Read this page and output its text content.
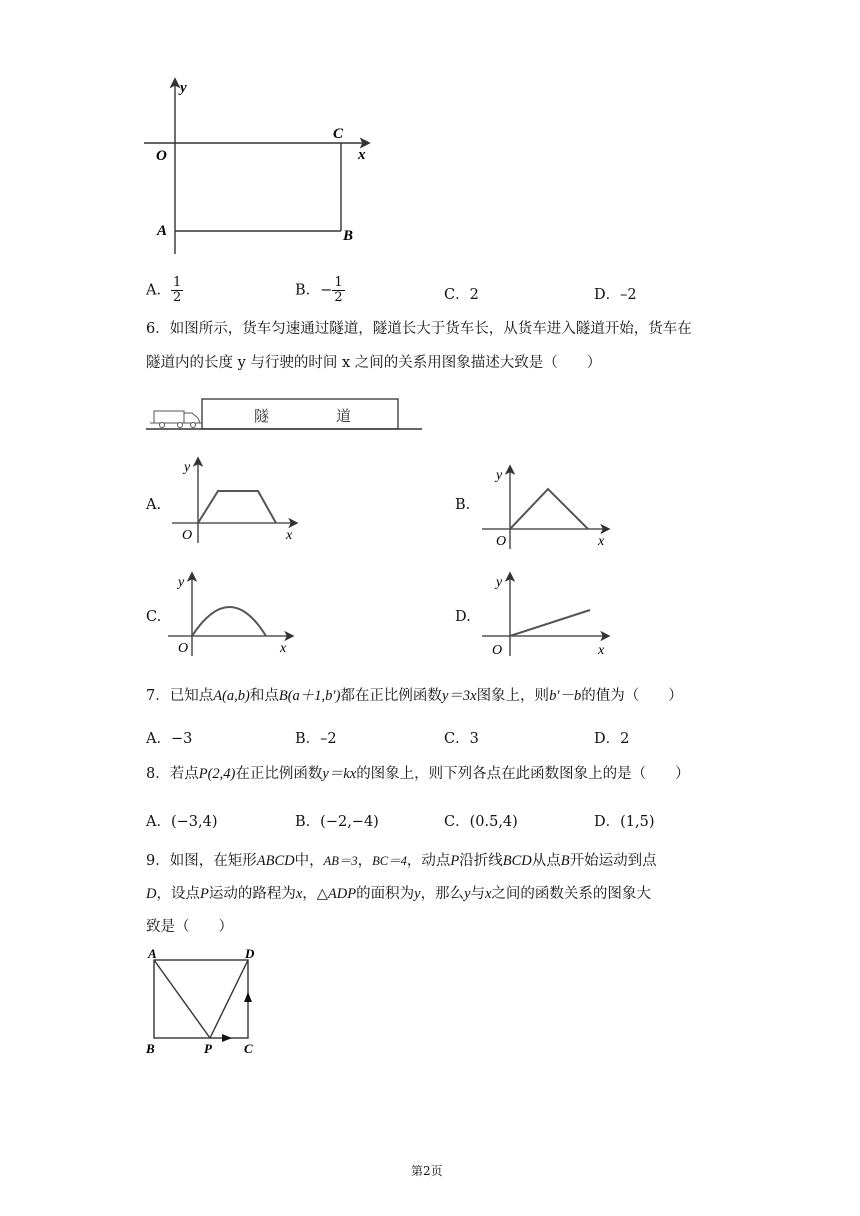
y
x
O
C
A	B
A． $\frac{1}{2}$	B．− $\frac{1}{2}$	C．2	D．–2
6．如图所示，货车匀速通过隧道，隧道长大于货车长，从货车进入隧道开始，货车在
隧道内的长度 y 与行驶的时间 x 之间的关系用图象描述大致是（　　）
隧	道
A.	B.
C.	D.
y
O	x
y
O	x
y
O	x
y
O	x
7．已知点A(a,b)和点B(a＋1,b′)都在正比例函数y＝3x图象上，则b′－b的值为（　　）
A．−3	B．–2	C．3	D．2
8．若点P(2,4)在正比例函数y＝kx的图象上，则下列各点在此函数图象上的是（　　）
A．(−3,4)	B．(−2,−4)	C．(0.5,4)	D．(1,5)
9．如图，在矩形ABCD中，AB＝3，BC＝4，动点P沿折线BCD从点B开始运动到点
D，设点P运动的路程为x，△ADP的面积为y，那么y与x之间的函数关系的图象大
致是（　　）
A	D
B	P C
第2页
